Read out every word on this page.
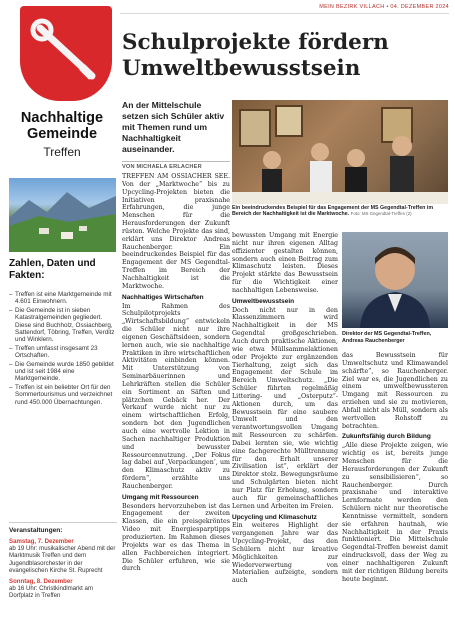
MEIN BEZIRK VILLACH • 04. DEZEMBER 2024
Nachhaltige Gemeinde
Treffen
Zahlen, Daten und Fakten:
– Treffen ist eine Marktgemeinde mit 4.601 Einwohnern.
– Die Gemeinde ist in sieben Katastralgemeinden gegliedert. Diese sind Buchholz, Ossiachberg, Sattendorf, Töbring, Treffen, Verditz und Winklern.
– Treffen umfasst insgesamt 23 Ortschaften.
– Die Gemeinde wurde 1850 gebildet und ist seit 1984 eine Marktgemeinde.
– Treffen ist ein beliebter Ort für den Sommertourismus und verzeichnet rund 450.000 Übernachtungen.
Veranstaltungen:
Samstag, 7. Dezember
ab 19 Uhr: musikalischer Abend mit der Marktmusik Treffen und dem Jugendblasorchester in der evangelischen Kirche St. Ruprecht
Sonntag, 8. Dezember
ab 16 Uhr: Christkindlmarkt am Dorfplatz in Treffen
Schulprojekte fördern Umweltbewusstsein
An der Mittelschule setzen sich Schüler aktiv mit Themen rund um Nachhaltigkeit auseinander.
VON MICHAELA ERLACHER
Ein beeindruckendes Beispiel für das Engagement der MS Gegendtal-Treffen im Bereich der Nachhaltigkeit ist die Marktwoche. Foto: MS Gegendtal-Treffen (2)
Direktor der MS Gegendtal-Treffen, Andreas Rauchenberger

TREFFEN AM OSSIACHER SEE. Von der „Marktwoche“ bis zu Upcycling-Projekten bieten die Initiativen praxisnahe Erfahrungen, die junge Menschen für die Herausforderungen der Zukunft rüsten. Welche Projekte das sind, erklärt uns Direktor Andreas Rauchenberger. Ein beeindruckendes Beispiel für das Engagement der MS Gegendtal-Treffen im Bereich der Nachhaltigkeit ist die Marktwoche.

Nachhaltiges Wirtschaften

Im Rahmen des Schulpilotprojekts „Wirtschaftsbildung“ entwickeln die Schüler nicht nur ihre eigenen Geschäftsideen, sondern lernen auch, wie sie nachhaltige Praktiken in ihre wirtschaftlichen Aktivitäten einbinden können. Mit Unterstützung von Seminarbäuerinnen und Lehrkräften stellen die Schüler ein Sortiment an Säften und plätzchen Gebäck her. Der Verkauf wurde nicht nur zu einem wirtschaftlichen Erfolg, sondern bot den Jugendlichen auch eine wertvolle Lektion in Sachen nachhaltiger Produktion und bewusster Ressourcennutzung. „Der Fokus lag dabei auf ‚Verpackungen‘, um den Klimaschutz aktiv zu fördern“, erzählte uns Rauchenberger.

Umgang mit Ressourcen

Besonders hervorzuheben ist das Engagement der zweiten Klassen, die ein preisgekröntes Video mit Energiesparptipps produzierten. Im Rahmen dieses Projekts war es das Thema in allen Fachbereichen integriert. Die Schüler erfuhren, wie sie durch

bewussten Umgang mit Energie nicht nur ihren eigenen Alltag effizienter gestalten können, sondern auch einen Beitrag zum Klimaschutz leisten. Dieses Projekt stärkte das Bewusstsein für die Wichtigkeit einer nachhaltigen Lebensweise.

Umweltbewusstsein

Doch nicht nur in den Klassenzimmern wird Nachhaltigkeit in der MS Gegendtal großgeschrieben. Auch durch praktische Aktionen, wie etwa Müllsammelaktionen oder Projekte zur ergänzenden Tierhaltung, zeigt sich das Engagement der Schule im Bereich Umweltschutz. „Die Schüler führten regelmäßig Littering- und „Osterputz“-Aktionen durch, um das Bewusstsein für eine saubere Umwelt und den verantwortungsvollen Umgang mit Ressourcen zu schärfen. Dabei lernten sie, wie wichtig eine fachgerechte Mülltrennung für den Erhalt unserer Zivilisation ist“, erklärt der Direktor stolz. Bewegungsräume und Schulgärten bieten nicht nur Platz für Erholung, sondern auch für gemeinschaftliches Lernen und Arbeiten im Freien.

Upcycling und Klimaschutz

Ein weiteres Highlight der vergangenen Jahre war das Upcycling-Projekt, das den Schülern nicht nur kreative Möglichkeiten zur Wiederverwertung von Materialien aufzeigte, sondern auch

das Bewusstsein für Umweltschutz und Klimawandel schärfte“, so Rauchenberger. Ziel war es, die Jugendlichen zu einem umweltbewussteren Umgang mit Ressourcen zu erziehen und sie zu motivieren, Abfall nicht als Müll, sondern als wertvollen Rohstoff zu betrachten.

Zukunftsfähig durch Bildung

„Alle diese Projekte zeigen, wie wichtig es ist, bereits junge Menschen für die Herausforderungen der Zukunft zu sensibilisieren“, so Rauchenberger. Durch praxisnahe und interaktive Lernformate werden den Schülern nicht nur theoretische Kenntnisse vermittelt, sondern sie erfahren hautnah, wie Nachhaltigkeit in der Praxis funktioniert. Die Mittelschule Gegendtal-Treffen beweist damit eindrucksvoll, dass der Weg zu einer nachhaltigeren Zukunft mit der richtigen Bildung bereits heute beginnt.
